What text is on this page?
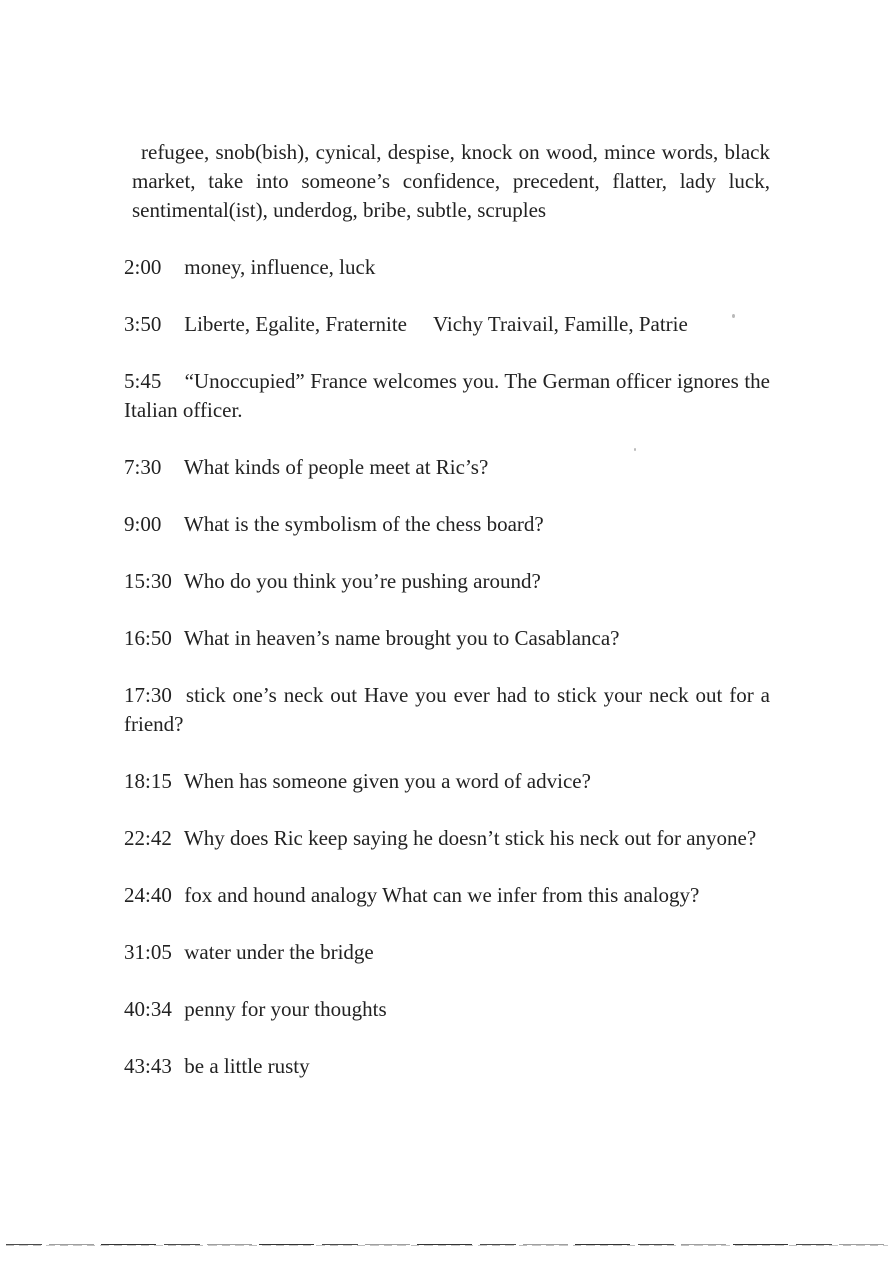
refugee, snob(bish), cynical, despise, knock on wood, mince words, black market, take into someone’s confidence, precedent, flatter, lady luck, sentimental(ist), underdog, bribe, subtle, scruples

2:00 money, influence, luck

3:50 Liberte, Egalite, Fraternite Vichy Traivail, Famille, Patrie

5:45 “Unoccupied” France welcomes you. The German officer ignores the Italian officer.

7:30 What kinds of people meet at Ric’s?

9:00 What is the symbolism of the chess board?

15:30 Who do you think you’re pushing around?

16:50 What in heaven’s name brought you to Casablanca?

17:30 stick one’s neck out Have you ever had to stick your neck out for a friend?

18:15 When has someone given you a word of advice?

22:42 Why does Ric keep saying he doesn’t stick his neck out for anyone?

24:40 fox and hound analogy What can we infer from this analogy?

31:05 water under the bridge

40:34 penny for your thoughts

43:43 be a little rusty
